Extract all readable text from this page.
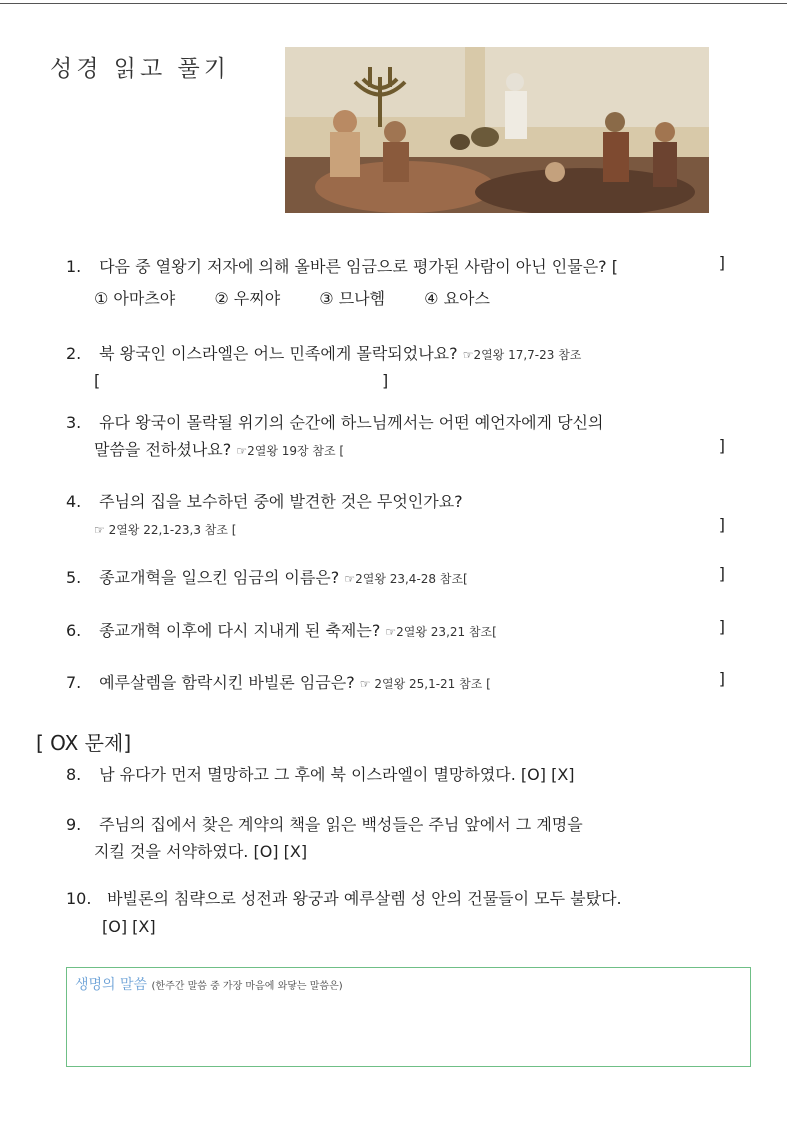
성경 읽고 풀기
1. 다음 중 열왕기 저자에 의해 올바른 임금으로 평가된 사람이 아닌 인물은? [	]
① 아마츠야 ② 우찌야 ③ 므나헴 ④ 요아스
2. 북 왕국인 이스라엘은 어느 민족에게 몰락되었나요? ☞2열왕 17,7-23 참조
[	]
3. 유다 왕국이 몰락될 위기의 순간에 하느님께서는 어떤 예언자에게 당신의
말씀을 전하셨나요? ☞2열왕 19장 참조 [	]
4. 주님의 집을 보수하던 중에 발견한 것은 무엇인가요?
☞ 2열왕 22,1-23,3 참조 [	]
5. 종교개혁을 일으킨 임금의 이름은? ☞2열왕 23,4-28 참조[	]
6. 종교개혁 이후에 다시 지내게 된 축제는? ☞2열왕 23,21 참조[	]
7. 예루살렘을 함락시킨 바빌론 임금은? ☞ 2열왕 25,1-21 참조 [	]
[ OX 문제]
8. 남 유다가 먼저 멸망하고 그 후에 북 이스라엘이 멸망하였다. [O] [X]
9. 주님의 집에서 찾은 계약의 책을 읽은 백성들은 주님 앞에서 그 계명을
지킬 것을 서약하였다. [O] [X]
10. 바빌론의 침략으로 성전과 왕궁과 예루살렘 성 안의 건물들이 모두 불탔다.
[O] [X]
생명의 말씀 (한주간 말씀 중 가장 마음에 와닿는 말씀은)
